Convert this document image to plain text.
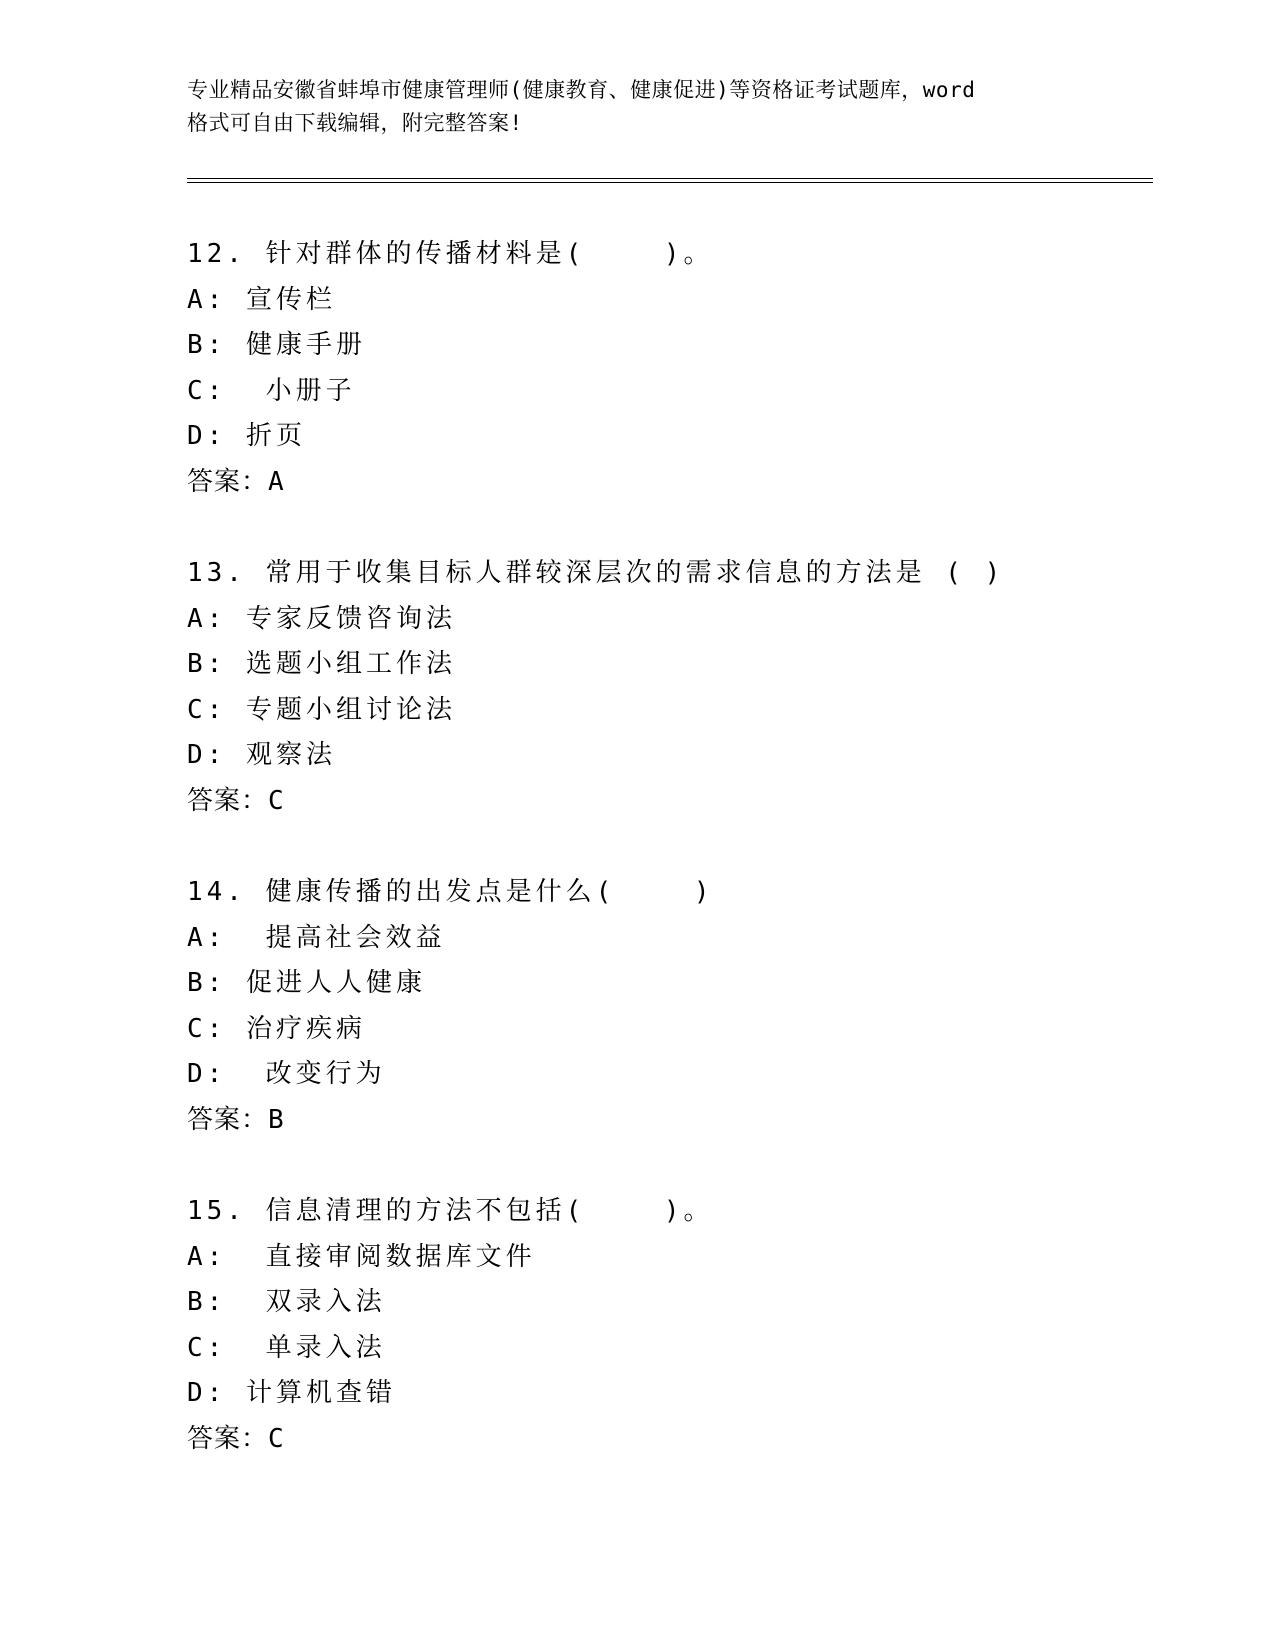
专业精品安徽省蚌埠市健康管理师(健康教育、健康促进)等资格证考试题库，word
格式可自由下载编辑，附完整答案!
12. 针对群体的传播材料是(    )。
A: 宣传栏
B: 健康手册
C:  小册子
D: 折页
答案：A
13. 常用于收集目标人群较深层次的需求信息的方法是 ( )
A: 专家反馈咨询法
B: 选题小组工作法
C: 专题小组讨论法
D: 观察法
答案：C
14. 健康传播的出发点是什么(    )
A:  提高社会效益
B: 促进人人健康
C: 治疗疾病
D:  改变行为
答案：B
15. 信息清理的方法不包括(    )。
A:  直接审阅数据库文件
B:  双录入法
C:  单录入法
D: 计算机查错
答案：C
